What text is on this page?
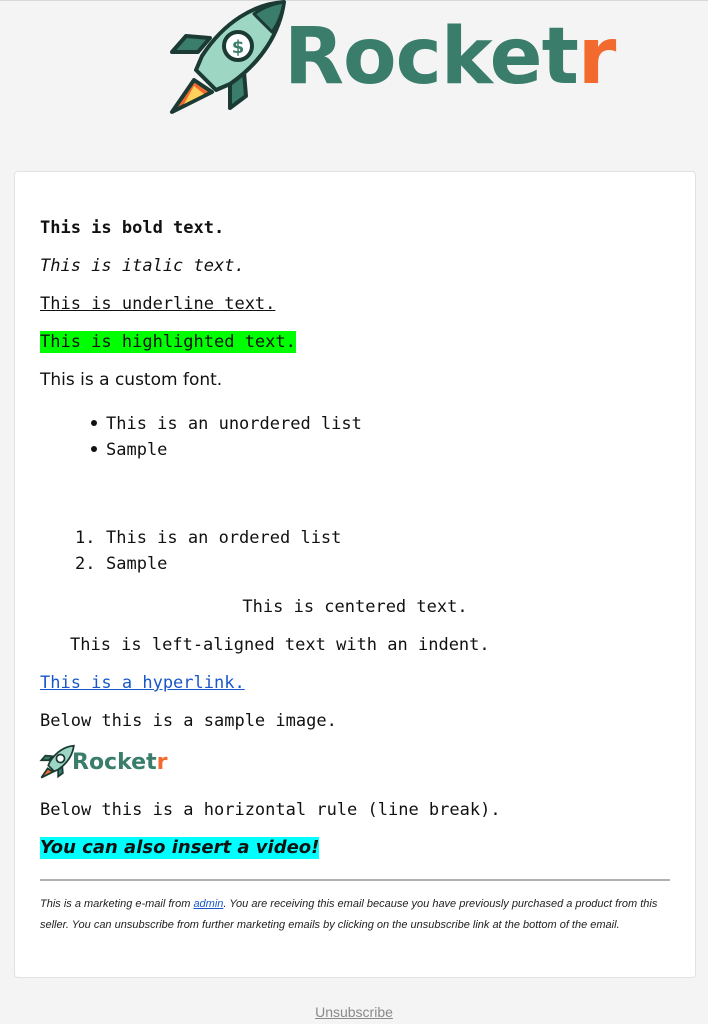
$ Rocketr
This is bold text.
This is italic text.
This is underline text.
This is highlighted text.
This is a custom font.
This is an unordered list
Sample
1. This is an ordered list
2. Sample
This is centered text.
This is left-aligned text with an indent.
This is a hyperlink.
Below this is a sample image.
Rocketr
Below this is a horizontal rule (line break).
You can also insert a video!
This is a marketing e-mail from admin. You are receiving this email because you have previously purchased a product from this seller. You can unsubscribe from further marketing emails by clicking on the unsubscribe link at the bottom of the email.
Unsubscribe
